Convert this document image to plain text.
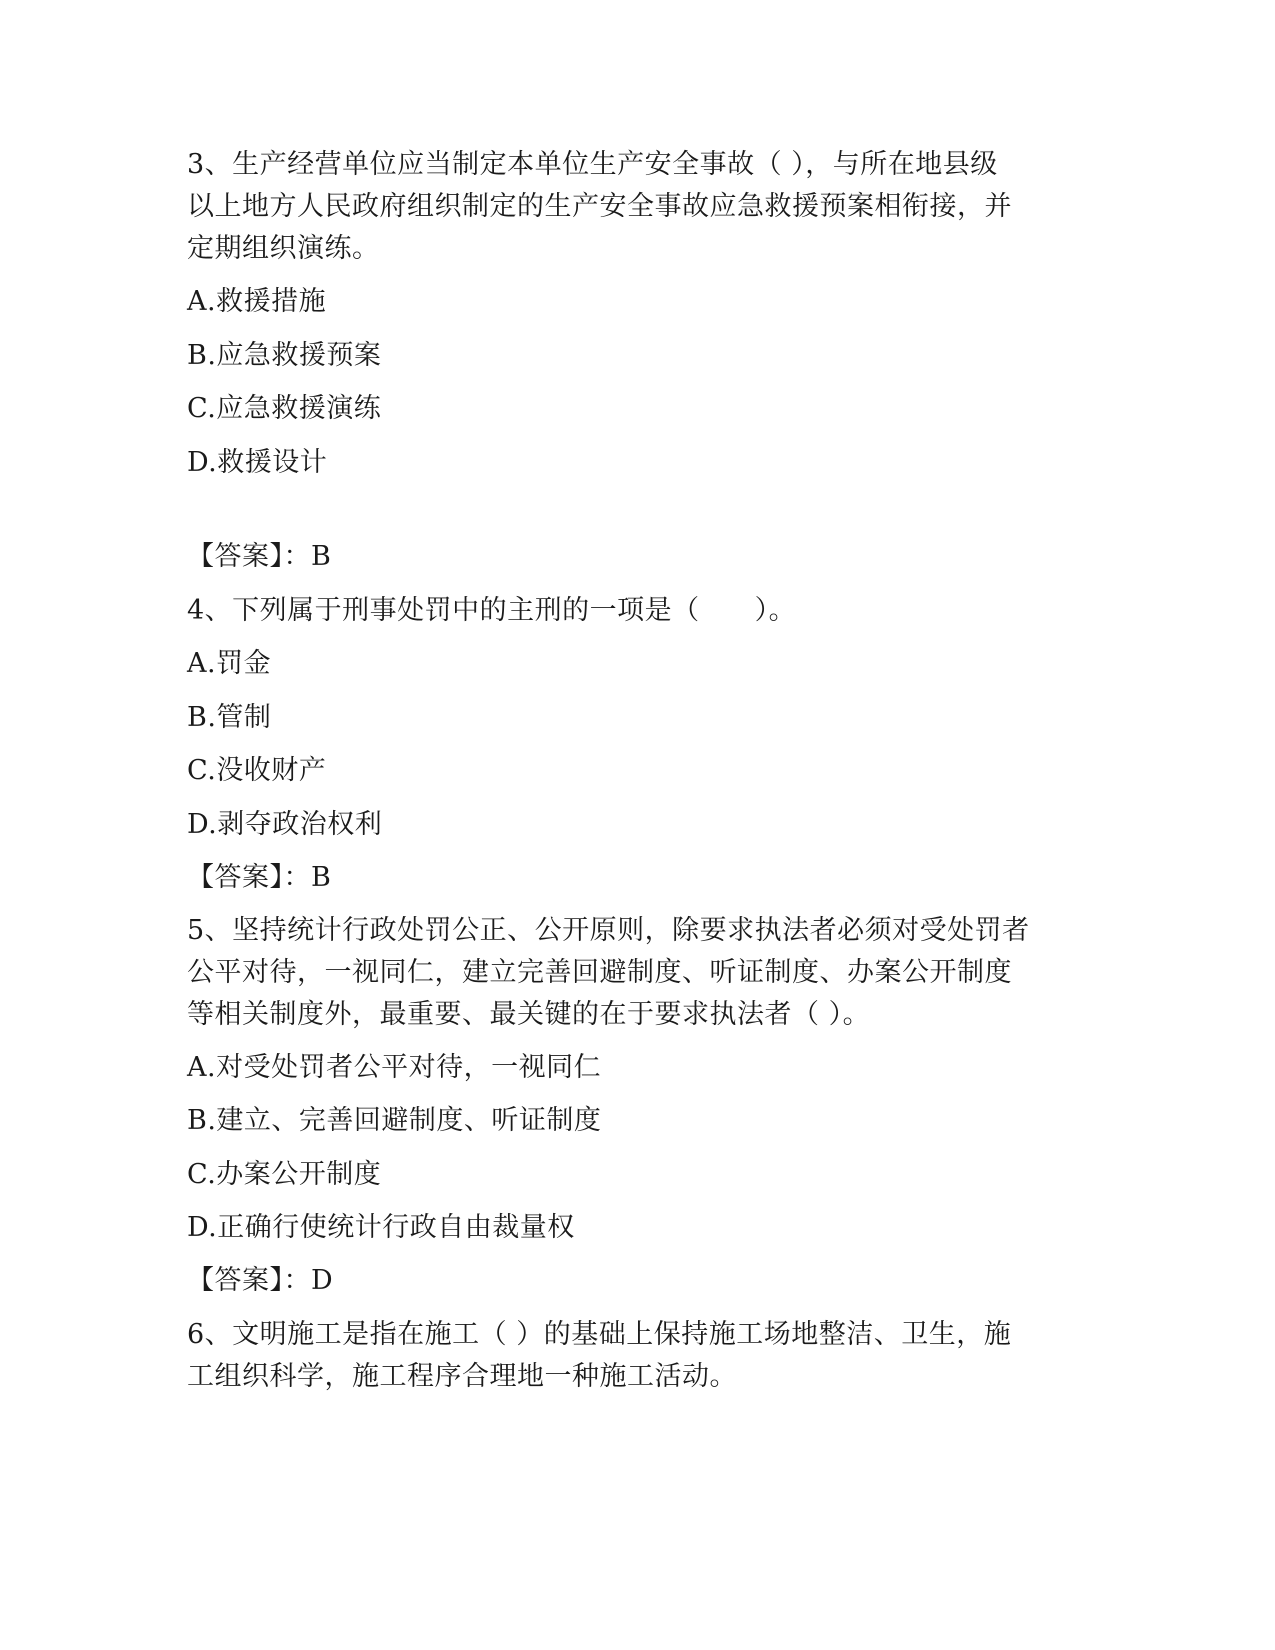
3、生产经营单位应当制定本单位生产安全事故（ ），与所在地县级
以上地方人民政府组织制定的生产安全事故应急救援预案相衔接，并
定期组织演练。
A.救援措施
B.应急救援预案
C.应急救援演练
D.救援设计
【答案】：B
4、下列属于刑事处罚中的主刑的一项是（　　）。
A.罚金
B.管制
C.没收财产
D.剥夺政治权利
【答案】：B
5、坚持统计行政处罚公正、公开原则，除要求执法者必须对受处罚者
公平对待，一视同仁，建立完善回避制度、听证制度、办案公开制度
等相关制度外，最重要、最关键的在于要求执法者（ ）。
A.对受处罚者公平对待，一视同仁
B.建立、完善回避制度、听证制度
C.办案公开制度
D.正确行使统计行政自由裁量权
【答案】：D
6、文明施工是指在施工（ ）的基础上保持施工场地整洁、卫生，施
工组织科学，施工程序合理地一种施工活动。
